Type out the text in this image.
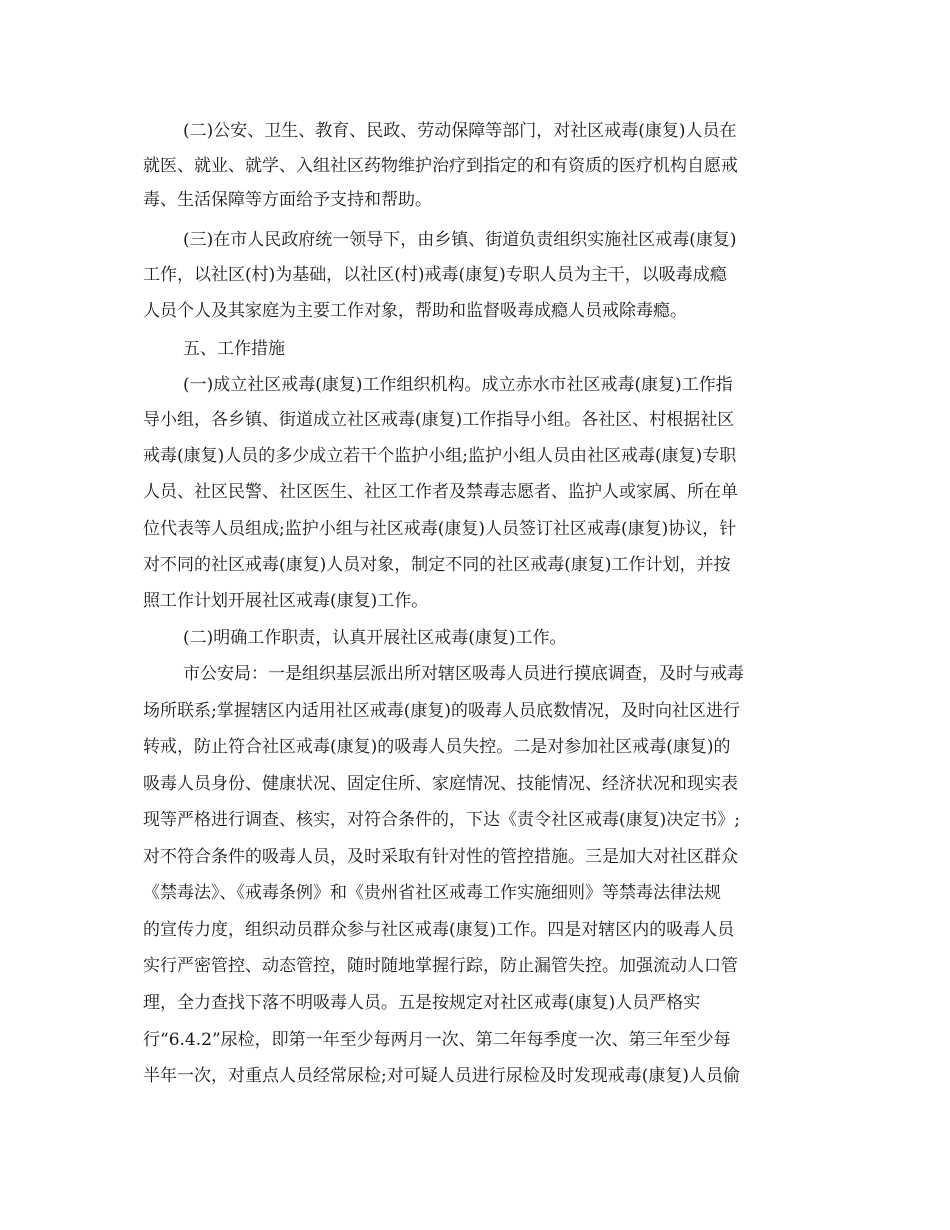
(二)公安、卫生、教育、民政、劳动保障等部门，对社区戒毒(康复)人员在
就医、就业、就学、入组社区药物维护治疗到指定的和有资质的医疗机构自愿戒
毒、生活保障等方面给予支持和帮助。
(三)在市人民政府统一领导下，由乡镇、街道负责组织实施社区戒毒(康复)
工作，以社区(村)为基础，以社区(村)戒毒(康复)专职人员为主干，以吸毒成瘾
人员个人及其家庭为主要工作对象，帮助和监督吸毒成瘾人员戒除毒瘾。
五、工作措施
(一)成立社区戒毒(康复)工作组织机构。成立赤水市社区戒毒(康复)工作指
导小组，各乡镇、街道成立社区戒毒(康复)工作指导小组。各社区、村根据社区
戒毒(康复)人员的多少成立若干个监护小组;监护小组人员由社区戒毒(康复)专职
人员、社区民警、社区医生、社区工作者及禁毒志愿者、监护人或家属、所在单
位代表等人员组成;监护小组与社区戒毒(康复)人员签订社区戒毒(康复)协议，针
对不同的社区戒毒(康复)人员对象，制定不同的社区戒毒(康复)工作计划，并按
照工作计划开展社区戒毒(康复)工作。
(二)明确工作职责，认真开展社区戒毒(康复)工作。
市公安局：一是组织基层派出所对辖区吸毒人员进行摸底调查，及时与戒毒
场所联系;掌握辖区内适用社区戒毒(康复)的吸毒人员底数情况，及时向社区进行
转戒，防止符合社区戒毒(康复)的吸毒人员失控。二是对参加社区戒毒(康复)的
吸毒人员身份、健康状况、固定住所、家庭情况、技能情况、经济状况和现实表
现等严格进行调查、核实，对符合条件的，下达《责令社区戒毒(康复)决定书》;
对不符合条件的吸毒人员，及时采取有针对性的管控措施。三是加大对社区群众
《禁毒法》、《戒毒条例》和《贵州省社区戒毒工作实施细则》等禁毒法律法规
的宣传力度，组织动员群众参与社区戒毒(康复)工作。四是对辖区内的吸毒人员
实行严密管控、动态管控，随时随地掌握行踪，防止漏管失控。加强流动人口管
理，全力查找下落不明吸毒人员。五是按规定对社区戒毒(康复)人员严格实
行“6.4.2”尿检，即第一年至少每两月一次、第二年每季度一次、第三年至少每
半年一次，对重点人员经常尿检;对可疑人员进行尿检及时发现戒毒(康复)人员偷
